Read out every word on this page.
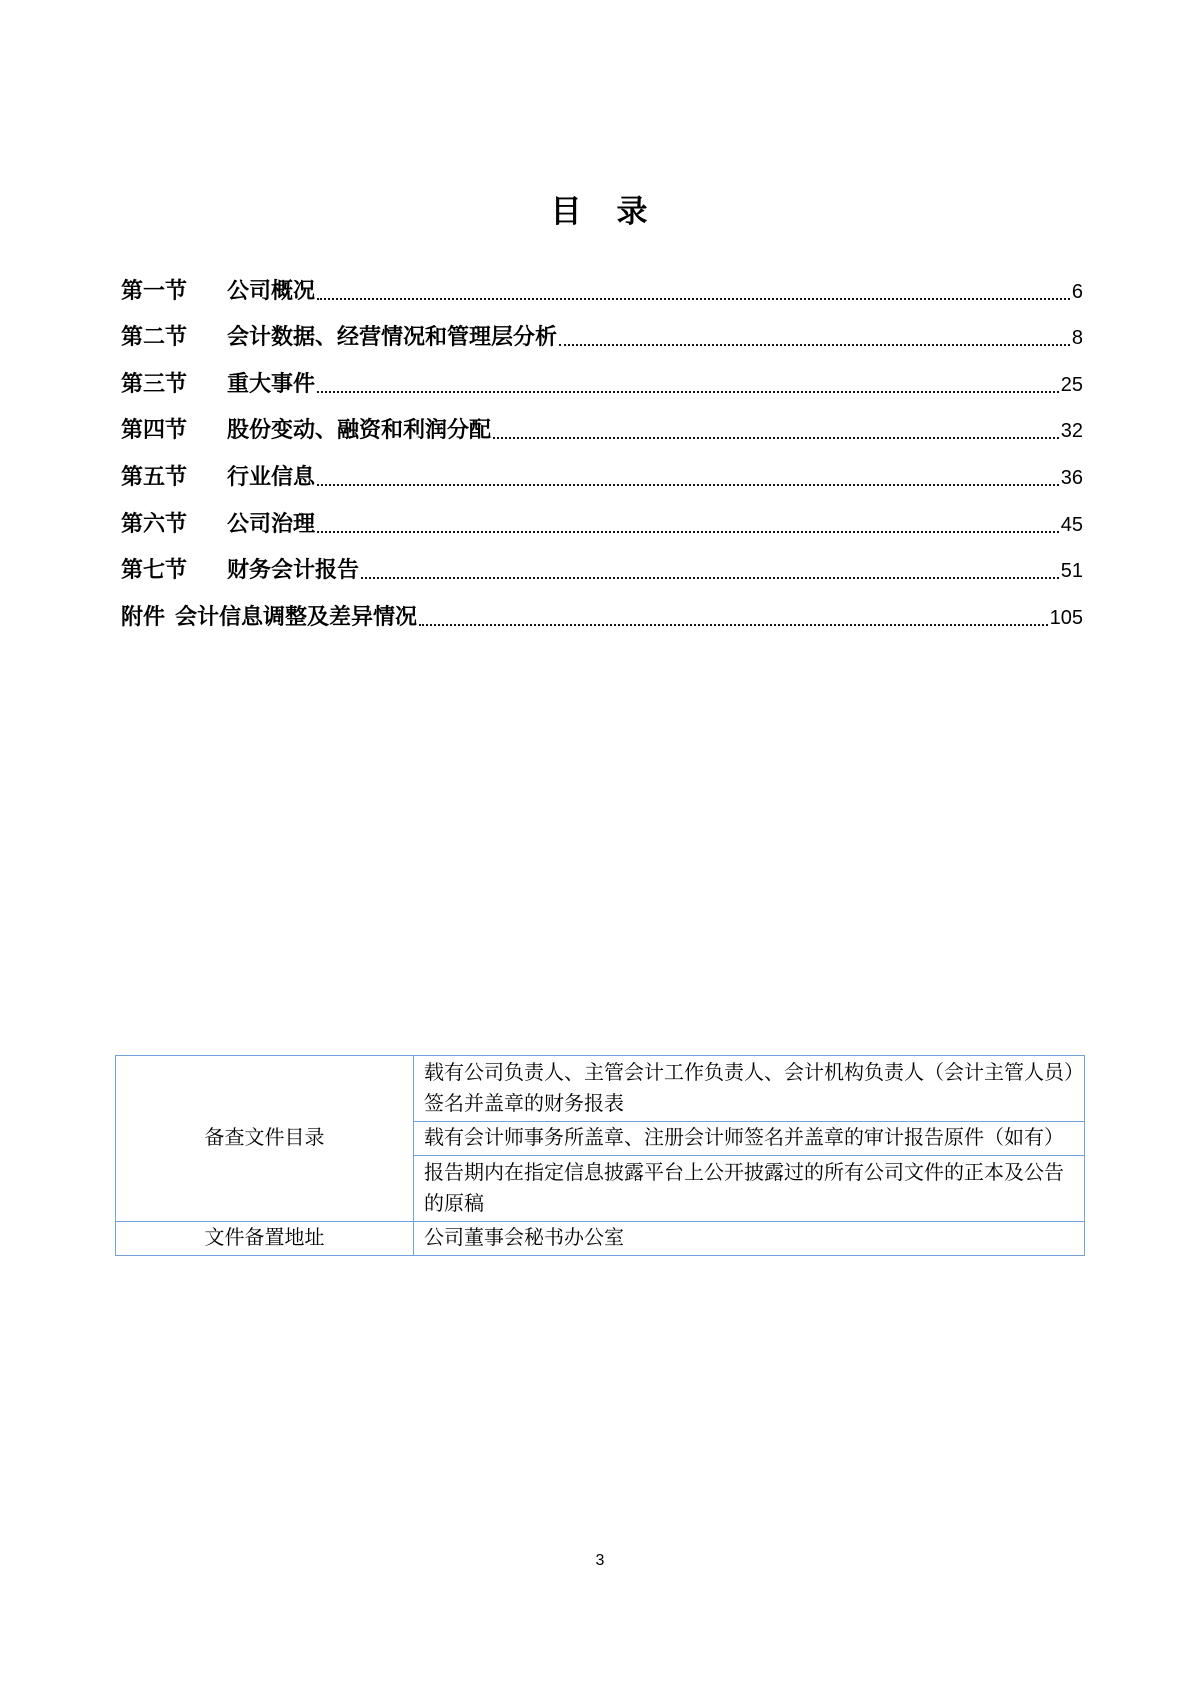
目　录
第一节 公司概况	6
第二节 会计数据、经营情况和管理层分析	8
第三节 重大事件	25
第四节 股份变动、融资和利润分配	32
第五节 行业信息	36
第六节 公司治理	45
第七节 财务会计报告	51
附件 会计信息调整及差异情况	105
备查文件目录	载有公司负责人、主管会计工作负责人、会计机构负责人（会计主管人员）签名并盖章的财务报表
	载有会计师事务所盖章、注册会计师签名并盖章的审计报告原件（如有）
	报告期内在指定信息披露平台上公开披露过的所有公司文件的正本及公告的原稿
文件备置地址	公司董事会秘书办公室
3
